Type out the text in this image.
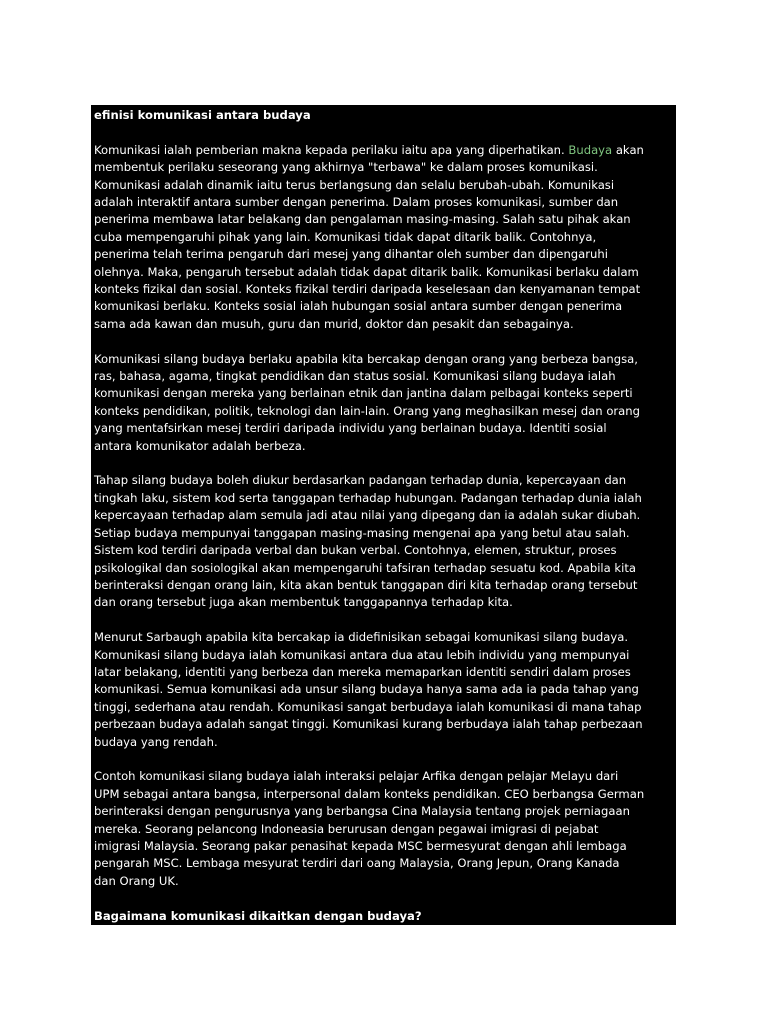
efinisi komunikasi antara budaya

Komunikasi ialah pemberian makna kepada perilaku iaitu apa yang diperhatikan. Budaya akan
membentuk perilaku seseorang yang akhirnya "terbawa" ke dalam proses komunikasi.
Komunikasi adalah dinamik iaitu terus berlangsung dan selalu berubah-ubah. Komunikasi
adalah interaktif antara sumber dengan penerima. Dalam proses komunikasi, sumber dan
penerima membawa latar belakang dan pengalaman masing-masing. Salah satu pihak akan
cuba mempengaruhi pihak yang lain. Komunikasi tidak dapat ditarik balik. Contohnya,
penerima telah terima pengaruh dari mesej yang dihantar oleh sumber dan dipengaruhi
olehnya. Maka, pengaruh tersebut adalah tidak dapat ditarik balik. Komunikasi berlaku dalam
konteks fizikal dan sosial. Konteks fizikal terdiri daripada keselesaan dan kenyamanan tempat
komunikasi berlaku. Konteks sosial ialah hubungan sosial antara sumber dengan penerima
sama ada kawan dan musuh, guru dan murid, doktor dan pesakit dan sebagainya.

Komunikasi silang budaya berlaku apabila kita bercakap dengan orang yang berbeza bangsa,
ras, bahasa, agama, tingkat pendidikan dan status sosial. Komunikasi silang budaya ialah
komunikasi dengan mereka yang berlainan etnik dan jantina dalam pelbagai konteks seperti
konteks pendidikan, politik, teknologi dan lain-lain. Orang yang meghasilkan mesej dan orang
yang mentafsirkan mesej terdiri daripada individu yang berlainan budaya. Identiti sosial
antara komunikator adalah berbeza.

Tahap silang budaya boleh diukur berdasarkan padangan terhadap dunia, kepercayaan dan
tingkah laku, sistem kod serta tanggapan terhadap hubungan. Padangan terhadap dunia ialah
kepercayaan terhadap alam semula jadi atau nilai yang dipegang dan ia adalah sukar diubah.
Setiap budaya mempunyai tanggapan masing-masing mengenai apa yang betul atau salah.
Sistem kod terdiri daripada verbal dan bukan verbal. Contohnya, elemen, struktur, proses
psikologikal dan sosiologikal akan mempengaruhi tafsiran terhadap sesuatu kod. Apabila kita
berinteraksi dengan orang lain, kita akan bentuk tanggapan diri kita terhadap orang tersebut
dan orang tersebut juga akan membentuk tanggapannya terhadap kita.

Menurut Sarbaugh apabila kita bercakap ia didefinisikan sebagai komunikasi silang budaya.
Komunikasi silang budaya ialah komunikasi antara dua atau lebih individu yang mempunyai
latar belakang, identiti yang berbeza dan mereka memaparkan identiti sendiri dalam proses
komunikasi. Semua komunikasi ada unsur silang budaya hanya sama ada ia pada tahap yang
tinggi, sederhana atau rendah. Komunikasi sangat berbudaya ialah komunikasi di mana tahap
perbezaan budaya adalah sangat tinggi. Komunikasi kurang berbudaya ialah tahap perbezaan
budaya yang rendah.

Contoh komunikasi silang budaya ialah interaksi pelajar Arfika dengan pelajar Melayu dari
UPM sebagai antara bangsa, interpersonal dalam konteks pendidikan. CEO berbangsa German
berinteraksi dengan pengurusnya yang berbangsa Cina Malaysia tentang projek perniagaan
mereka. Seorang pelancong Indoneasia berurusan dengan pegawai imigrasi di pejabat
imigrasi Malaysia. Seorang pakar penasihat kepada MSC bermesyurat dengan ahli lembaga
pengarah MSC. Lembaga mesyurat terdiri dari oang Malaysia, Orang Jepun, Orang Kanada
dan Orang UK.

Bagaimana komunikasi dikaitkan dengan budaya?
